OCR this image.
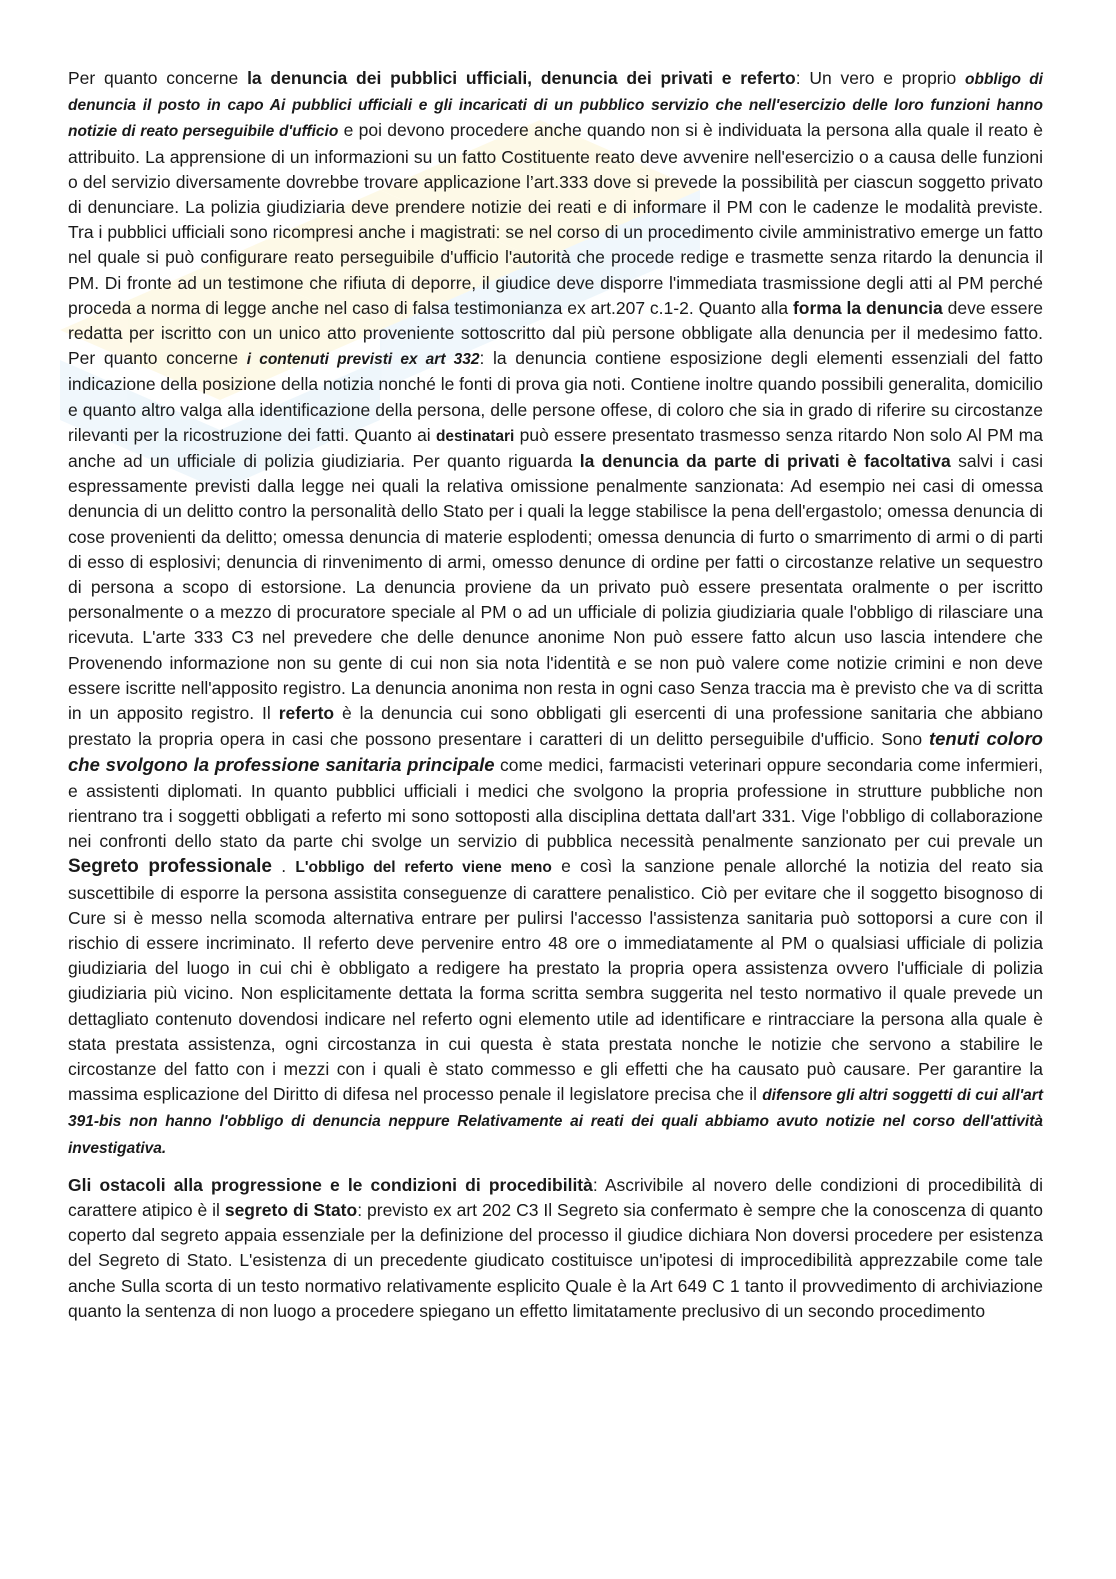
Per quanto concerne la denuncia dei pubblici ufficiali, denuncia dei privati e referto: Un vero e proprio obbligo di denuncia il posto in capo Ai pubblici ufficiali e gli incaricati di un pubblico servizio che nell'esercizio delle loro funzioni hanno notizie di reato perseguibile d'ufficio e poi devono procedere anche quando non si è individuata la persona alla quale il reato è attribuito. La apprensione di un informazioni su un fatto Costituente reato deve avvenire nell'esercizio o a causa delle funzioni o del servizio diversamente dovrebbe trovare applicazione l’art.333 dove si prevede la possibilità per ciascun soggetto privato di denunciare. La polizia giudiziaria deve prendere notizie dei reati e di informare il PM con le cadenze le modalità previste. Tra i pubblici ufficiali sono ricompresi anche i magistrati: se nel corso di un procedimento civile amministrativo emerge un fatto nel quale si può configurare reato perseguibile d'ufficio l'autorità che procede redige e trasmette senza ritardo la denuncia il PM. Di fronte ad un testimone che rifiuta di deporre, il giudice deve disporre l'immediata trasmissione degli atti al PM perché proceda a norma di legge anche nel caso di falsa testimonianza ex art.207 c.1-2. Quanto alla forma la denuncia deve essere redatta per iscritto con un unico atto proveniente sottoscritto dal più persone obbligate alla denuncia per il medesimo fatto. Per quanto concerne i contenuti previsti ex art 332: la denuncia contiene esposizione degli elementi essenziali del fatto indicazione della posizione della notizia nonché le fonti di prova gia noti. Contiene inoltre quando possibili generalita, domicilio e quanto altro valga alla identificazione della persona, delle persone offese, di coloro che sia in grado di riferire su circostanze rilevanti per la ricostruzione dei fatti. Quanto ai destinatari può essere presentato trasmesso senza ritardo Non solo Al PM ma anche ad un ufficiale di polizia giudiziaria. Per quanto riguarda la denuncia da parte di privati è facoltativa salvi i casi espressamente previsti dalla legge nei quali la relativa omissione penalmente sanzionata: Ad esempio nei casi di omessa denuncia di un delitto contro la personalità dello Stato per i quali la legge stabilisce la pena dell'ergastolo; omessa denuncia di cose provenienti da delitto; omessa denuncia di materie esplodenti; omessa denuncia di furto o smarrimento di armi o di parti di esso di esplosivi; denuncia di rinvenimento di armi, omesso denunce di ordine per fatti o circostanze relative un sequestro di persona a scopo di estorsione. La denuncia proviene da un privato può essere presentata oralmente o per iscritto personalmente o a mezzo di procuratore speciale al PM o ad un ufficiale di polizia giudiziaria quale l'obbligo di rilasciare una ricevuta. L'arte 333 C3 nel prevedere che delle denunce anonime Non può essere fatto alcun uso lascia intendere che Provenendo informazione non su gente di cui non sia nota l'identità e se non può valere come notizie crimini e non deve essere iscritte nell'apposito registro. La denuncia anonima non resta in ogni caso Senza traccia ma è previsto che va di scritta in un apposito registro. Il referto è la denuncia cui sono obbligati gli esercenti di una professione sanitaria che abbiano prestato la propria opera in casi che possono presentare i caratteri di un delitto perseguibile d'ufficio. Sono tenuti coloro che svolgono la professione sanitaria principale come medici, farmacisti veterinari oppure secondaria come infermieri, e assistenti diplomati. In quanto pubblici ufficiali i medici che svolgono la propria professione in strutture pubbliche non rientrano tra i soggetti obbligati a referto mi sono sottoposti alla disciplina dettata dall'art 331. Vige l'obbligo di collaborazione nei confronti dello stato da parte chi svolge un servizio di pubblica necessità penalmente sanzionato per cui prevale un Segreto professionale . L'obbligo del referto viene meno e così la sanzione penale allorché la notizia del reato sia suscettibile di esporre la persona assistita conseguenze di carattere penalistico. Ciò per evitare che il soggetto bisognoso di Cure si è messo nella scomoda alternativa entrare per pulirsi l'accesso l'assistenza sanitaria può sottoporsi a cure con il rischio di essere incriminato. Il referto deve pervenire entro 48 ore o immediatamente al PM o qualsiasi ufficiale di polizia giudiziaria del luogo in cui chi è obbligato a redigere ha prestato la propria opera assistenza ovvero l'ufficiale di polizia giudiziaria più vicino. Non esplicitamente dettata la forma scritta sembra suggerita nel testo normativo il quale prevede un dettagliato contenuto dovendosi indicare nel referto ogni elemento utile ad identificare e rintracciare la persona alla quale è stata prestata assistenza, ogni circostanza in cui questa è stata prestata nonche le notizie che servono a stabilire le circostanze del fatto con i mezzi con i quali è stato commesso e gli effetti che ha causato può causare. Per garantire la massima esplicazione del Diritto di difesa nel processo penale il legislatore precisa che il difensore gli altri soggetti di cui all'art 391-bis non hanno l'obbligo di denuncia neppure Relativamente ai reati dei quali abbiamo avuto notizie nel corso dell'attività investigativa.

Gli ostacoli alla progressione e le condizioni di procedibilità: Ascrivibile al novero delle condizioni di procedibilità di carattere atipico è il segreto di Stato: previsto ex art 202 C3 Il Segreto sia confermato è sempre che la conoscenza di quanto coperto dal segreto appaia essenziale per la definizione del processo il giudice dichiara Non doversi procedere per esistenza del Segreto di Stato. L'esistenza di un precedente giudicato costituisce un'ipotesi di improcedibilità apprezzabile come tale anche Sulla scorta di un testo normativo relativamente esplicito Quale è la Art 649 C 1 tanto il provvedimento di archiviazione quanto la sentenza di non luogo a procedere spiegano un effetto limitatamente preclusivo di un secondo procedimento
